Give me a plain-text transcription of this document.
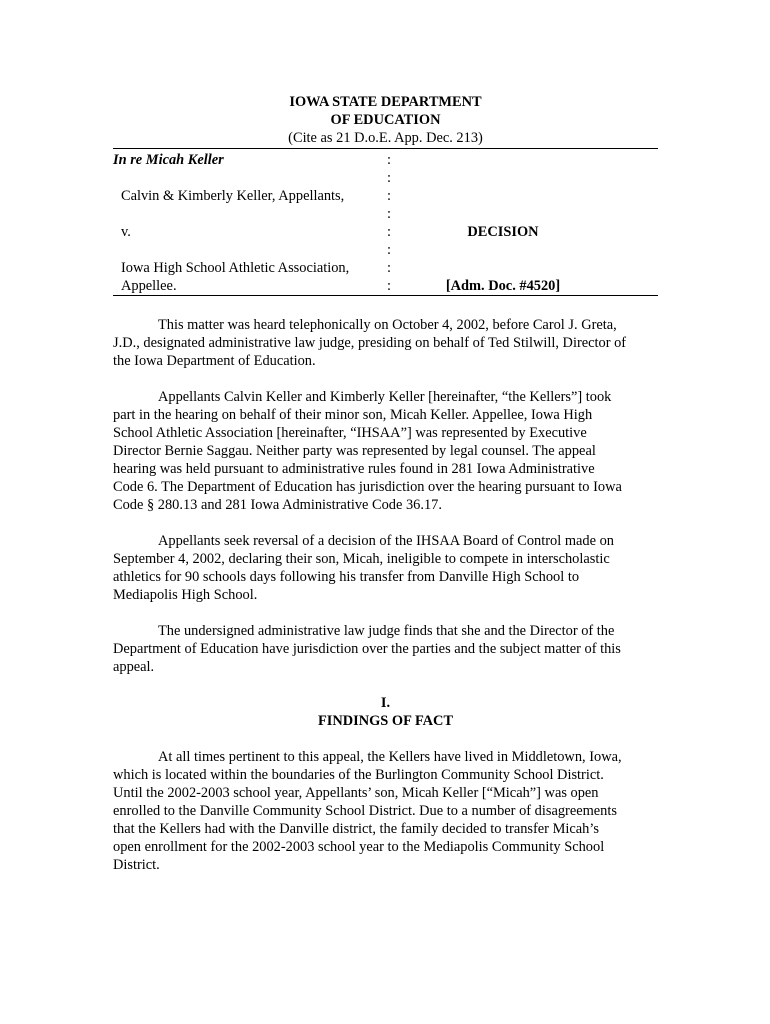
IOWA STATE DEPARTMENT
OF EDUCATION
(Cite as 21 D.o.E. App. Dec. 213)
In re Micah Keller	:
:
Calvin & Kimberly Keller, Appellants,	:
:
v.	:	DECISION
:
Iowa High School Athletic Association,	:
Appellee.	:	[Adm. Doc. #4520]
This matter was heard telephonically on October 4, 2002, before Carol J. Greta,
J.D., designated administrative law judge, presiding on behalf of Ted Stilwill, Director of
the Iowa Department of Education.
Appellants Calvin Keller and Kimberly Keller [hereinafter, “the Kellers”] took
part in the hearing on behalf of their minor son, Micah Keller. Appellee, Iowa High
School Athletic Association [hereinafter, “IHSAA”] was represented by Executive
Director Bernie Saggau. Neither party was represented by legal counsel. The appeal
hearing was held pursuant to administrative rules found in 281 Iowa Administrative
Code 6. The Department of Education has jurisdiction over the hearing pursuant to Iowa
Code § 280.13 and 281 Iowa Administrative Code 36.17.
Appellants seek reversal of a decision of the IHSAA Board of Control made on
September 4, 2002, declaring their son, Micah, ineligible to compete in interscholastic
athletics for 90 schools days following his transfer from Danville High School to
Mediapolis High School.
The undersigned administrative law judge finds that she and the Director of the
Department of Education have jurisdiction over the parties and the subject matter of this
appeal.
I.
FINDINGS OF FACT
At all times pertinent to this appeal, the Kellers have lived in Middletown, Iowa,
which is located within the boundaries of the Burlington Community School District.
Until the 2002-2003 school year, Appellants’ son, Micah Keller [“Micah”] was open
enrolled to the Danville Community School District. Due to a number of disagreements
that the Kellers had with the Danville district, the family decided to transfer Micah’s
open enrollment for the 2002-2003 school year to the Mediapolis Community School
District.
